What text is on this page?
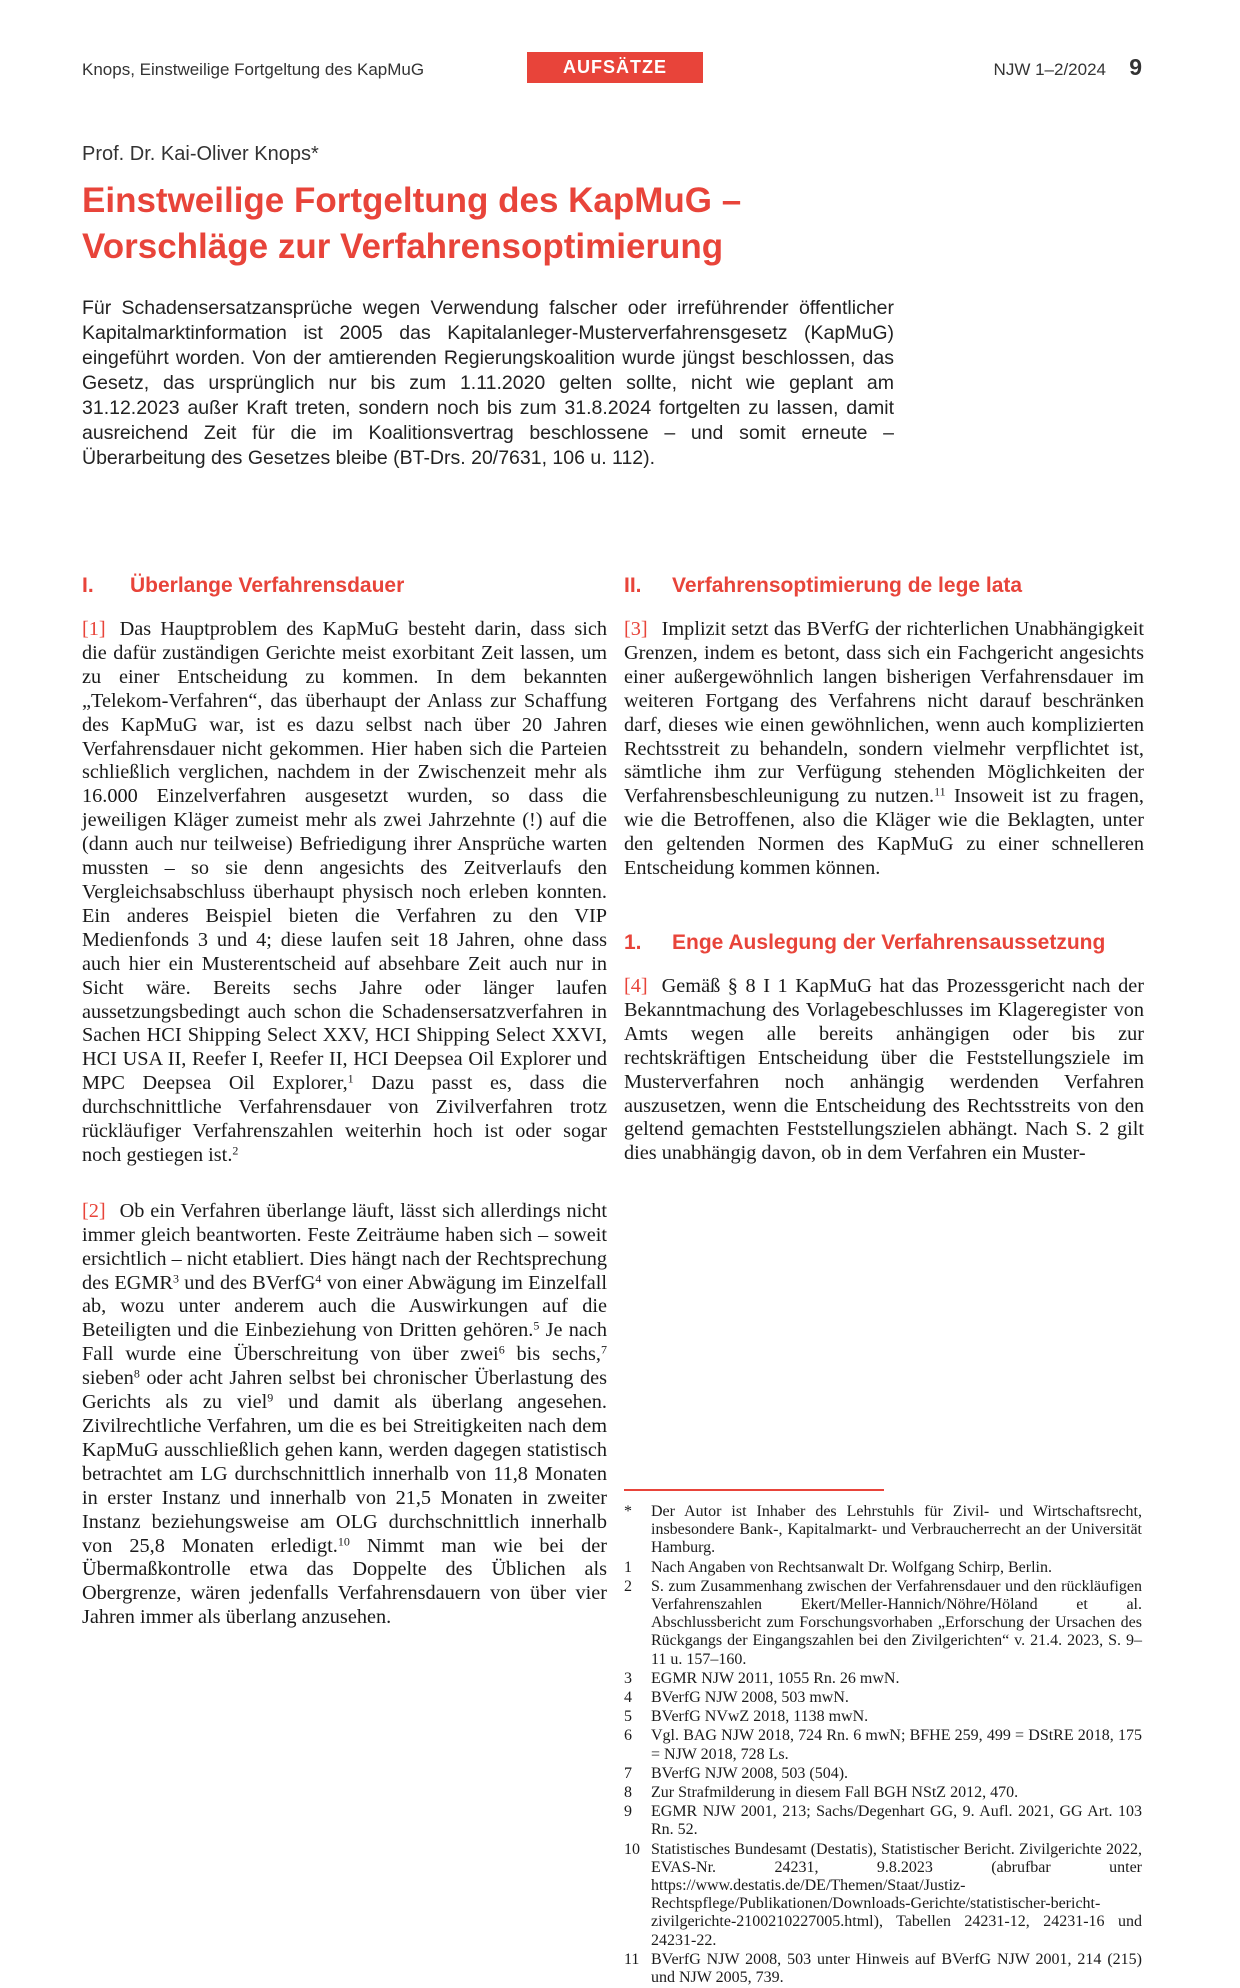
Knops, Einstweilige Fortgeltung des KapMuG	AUFSÄTZE	NJW 1–2/2024 9
Prof. Dr. Kai-Oliver Knops*
Einstweilige Fortgeltung des KapMuG –
Vorschläge zur Verfahrensoptimierung
Für Schadensersatzansprüche wegen Verwendung falscher oder irreführender öffentlicher Kapitalmarktinformation ist 2005 das Kapitalanleger-Musterverfahrensgesetz (KapMuG) eingeführt worden. Von der amtierenden Regierungskoalition wurde jüngst beschlossen, das Gesetz, das ursprünglich nur bis zum 1.11.2020 gelten sollte, nicht wie geplant am 31.12.2023 außer Kraft treten, sondern noch bis zum 31.8.2024 fortgelten zu lassen, damit ausreichend Zeit für die im Koalitionsvertrag beschlossene – und somit erneute – Überarbeitung des Gesetzes bleibe (BT-Drs. 20/7631, 106 u. 112).
I.	Überlange Verfahrensdauer

[1] Das Hauptproblem des KapMuG besteht darin, dass sich die dafür zuständigen Gerichte meist exorbitant Zeit lassen, um zu einer Entscheidung zu kommen. In dem bekannten „Telekom-Verfahren“, das überhaupt der Anlass zur Schaffung des KapMuG war, ist es dazu selbst nach über 20 Jahren Verfahrensdauer nicht gekommen. Hier haben sich die Parteien schließlich verglichen, nachdem in der Zwischenzeit mehr als 16.000 Einzelverfahren ausgesetzt wurden, so dass die jeweiligen Kläger zumeist mehr als zwei Jahrzehnte (!) auf die (dann auch nur teilweise) Befriedigung ihrer Ansprüche warten mussten – so sie denn angesichts des Zeitverlaufs den Vergleichsabschluss überhaupt physisch noch erleben konnten. Ein anderes Beispiel bieten die Verfahren zu den VIP Medienfonds 3 und 4; diese laufen seit 18 Jahren, ohne dass auch hier ein Musterentscheid auf absehbare Zeit auch nur in Sicht wäre. Bereits sechs Jahre oder länger laufen aussetzungsbedingt auch schon die Schadensersatzverfahren in Sachen HCI Shipping Select XXV, HCI Shipping Select XXVI, HCI USA II, Reefer I, Reefer II, HCI Deepsea Oil Explorer und MPC Deepsea Oil Explorer,$^1$ Dazu passt es, dass die durchschnittliche Verfahrensdauer von Zivilverfahren trotz rückläufiger Verfahrenszahlen weiterhin hoch ist oder sogar noch gestiegen ist.$^2$

[2] Ob ein Verfahren überlange läuft, lässt sich allerdings nicht immer gleich beantworten. Feste Zeiträume haben sich – soweit ersichtlich – nicht etabliert. Dies hängt nach der Rechtsprechung des EGMR$^3$ und des BVerfG$^4$ von einer Abwägung im Einzelfall ab, wozu unter anderem auch die Auswirkungen auf die Beteiligten und die Einbeziehung von Dritten gehören.$^5$ Je nach Fall wurde eine Überschreitung von über zwei$^6$ bis sechs,$^7$ sieben$^8$ oder acht Jahren selbst bei chronischer Überlastung des Gerichts als zu viel$^9$ und damit als überlang angesehen. Zivilrechtliche Verfahren, um die es bei Streitigkeiten nach dem KapMuG ausschließlich gehen kann, werden dagegen statistisch betrachtet am LG durchschnittlich innerhalb von 11,8 Monaten in erster Instanz und innerhalb von 21,5 Monaten in zweiter Instanz beziehungsweise am OLG durchschnittlich innerhalb von 25,8 Monaten erledigt.$^{10}$ Nimmt man wie bei der Übermaßkontrolle etwa das Doppelte des Üblichen als Obergrenze, wären jedenfalls Verfahrensdauern von über vier Jahren immer als überlang anzusehen.

II.	Verfahrensoptimierung de lege lata

[3] Implizit setzt das BVerfG der richterlichen Unabhängigkeit Grenzen, indem es betont, dass sich ein Fachgericht angesichts einer außergewöhnlich langen bisherigen Verfahrensdauer im weiteren Fortgang des Verfahrens nicht darauf beschränken darf, dieses wie einen gewöhnlichen, wenn auch komplizierten Rechtsstreit zu behandeln, sondern vielmehr verpflichtet ist, sämtliche ihm zur Verfügung stehenden Möglichkeiten der Verfahrensbeschleunigung zu nutzen.$^{11}$ Insoweit ist zu fragen, wie die Betroffenen, also die Kläger wie die Beklagten, unter den geltenden Normen des KapMuG zu einer schnelleren Entscheidung kommen können.

1.	Enge Auslegung der Verfahrensaussetzung

[4] Gemäß § 8 I 1 KapMuG hat das Prozessgericht nach der Bekanntmachung des Vorlagebeschlusses im Klageregister von Amts wegen alle bereits anhängigen oder bis zur rechtskräftigen Entscheidung über die Feststellungsziele im Musterverfahren noch anhängig werdenden Verfahren auszusetzen, wenn die Entscheidung des Rechtsstreits von den geltend gemachten Feststellungszielen abhängt. Nach S. 2 gilt dies unabhängig davon, ob in dem Verfahren ein Muster-

*	Der Autor ist Inhaber des Lehrstuhls für Zivil- und Wirtschaftsrecht, insbesondere Bank-, Kapitalmarkt- und Verbraucherrecht an der Universität Hamburg.
1	Nach Angaben von Rechtsanwalt Dr. Wolfgang Schirp, Berlin.
2	S. zum Zusammenhang zwischen der Verfahrensdauer und den rückläufigen Verfahrenszahlen Ekert/Meller-Hannich/Nöhre/Höland et al. Abschlussbericht zum Forschungsvorhaben „Erforschung der Ursachen des Rückgangs der Eingangszahlen bei den Zivilgerichten“ v. 21.4. 2023, S. 9–11 u. 157–160.
3	EGMR NJW 2011, 1055 Rn. 26 mwN.
4	BVerfG NJW 2008, 503 mwN.
5	BVerfG NVwZ 2018, 1138 mwN.
6	Vgl. BAG NJW 2018, 724 Rn. 6 mwN; BFHE 259, 499 = DStRE 2018, 175 = NJW 2018, 728 Ls.
7	BVerfG NJW 2008, 503 (504).
8	Zur Strafmilderung in diesem Fall BGH NStZ 2012, 470.
9	EGMR NJW 2001, 213; Sachs/Degenhart GG, 9. Aufl. 2021, GG Art. 103 Rn. 52.
10 Statistisches Bundesamt (Destatis), Statistischer Bericht. Zivilgerichte 2022, EVAS-Nr. 24231, 9.8.2023 (abrufbar unter https://www.destatis.de/DE/Themen/Staat/Justiz-Rechtspflege/Publikationen/Downloads-Gerichte/statistischer-bericht-zivilgerichte-2100210227005.html), Tabellen 24231-12, 24231-16 und 24231-22.
11 BVerfG NJW 2008, 503 unter Hinweis auf BVerfG NJW 2001, 214 (215) und NJW 2005, 739.
